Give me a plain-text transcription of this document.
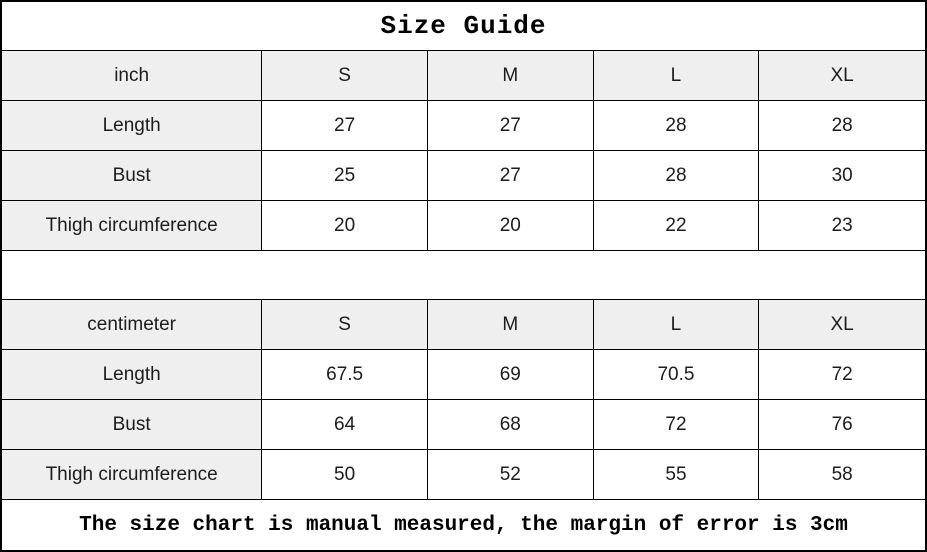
Size Guide
inch	S	M	L	XL
Length	27	27	28	28
Bust	25	27	28	30
Thigh circumference	20	20	22	23
centimeter	S	M	L	XL
Length	67.5	69	70.5	72
Bust	64	68	72	76
Thigh circumference	50	52	55	58
The size chart is manual measured, the margin of error is 3cm
